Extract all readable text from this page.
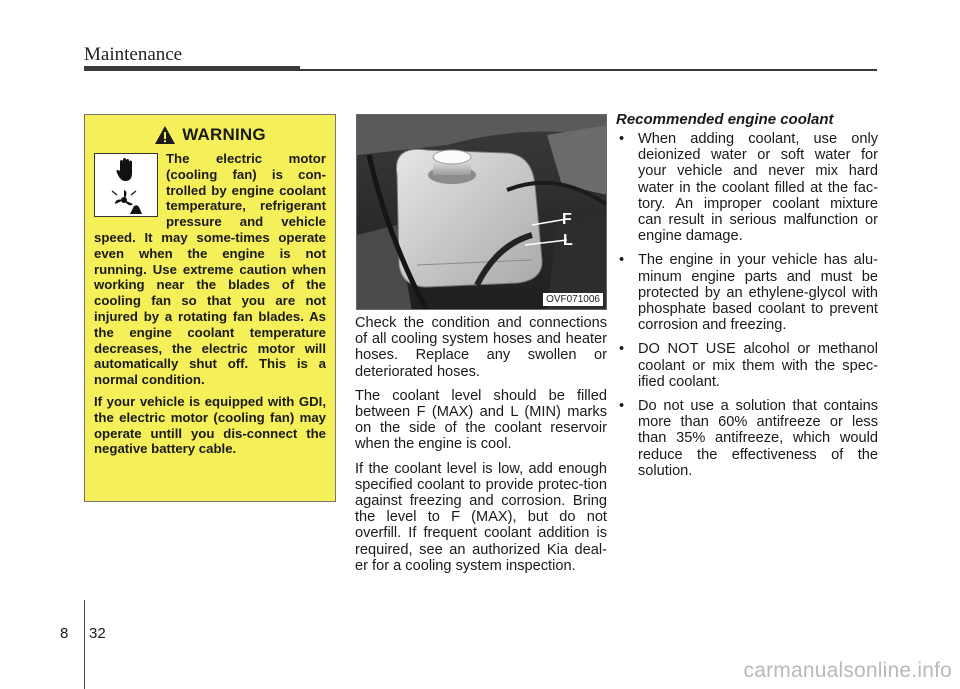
Maintenance
WARNING

The electric motor (cooling fan) is con-trolled by engine coolant temperature, refrigerant pressure and vehicle speed. It may some-times operate even when the engine is not running. Use extreme caution when working near the blades of the cooling fan so that you are not injured by a rotating fan blades. As the engine coolant temperature decreases, the electric motor will automatically shut off. This is a normal condition.

If your vehicle is equipped with GDI, the electric motor (cooling fan) may operate untill you dis-connect the negative battery cable.

F
L
OVF071006

Check the condition and connections of all cooling system hoses and heater hoses. Replace any swollen or deteriorated hoses.

The coolant level should be filled between F (MAX) and L (MIN) marks on the side of the coolant reservoir when the engine is cool.

If the coolant level is low, add enough specified coolant to provide protec-tion against freezing and corrosion. Bring the level to F (MAX), but do not overfill. If frequent coolant addition is required, see an authorized Kia deal-er for a cooling system inspection.

Recommended engine coolant
• When adding coolant, use only deionized water or soft water for your vehicle and never mix hard water in the coolant filled at the fac-tory. An improper coolant mixture can result in serious malfunction or engine damage.
• The engine in your vehicle has alu-minum engine parts and must be protected by an ethylene-glycol with phosphate based coolant to prevent corrosion and freezing.
• DO NOT USE alcohol or methanol coolant or mix them with the spec-ified coolant.
• Do not use a solution that contains more than 60% antifreeze or less than 35% antifreeze, which would reduce the effectiveness of the solution.
8 32
carmanualsonline.info
